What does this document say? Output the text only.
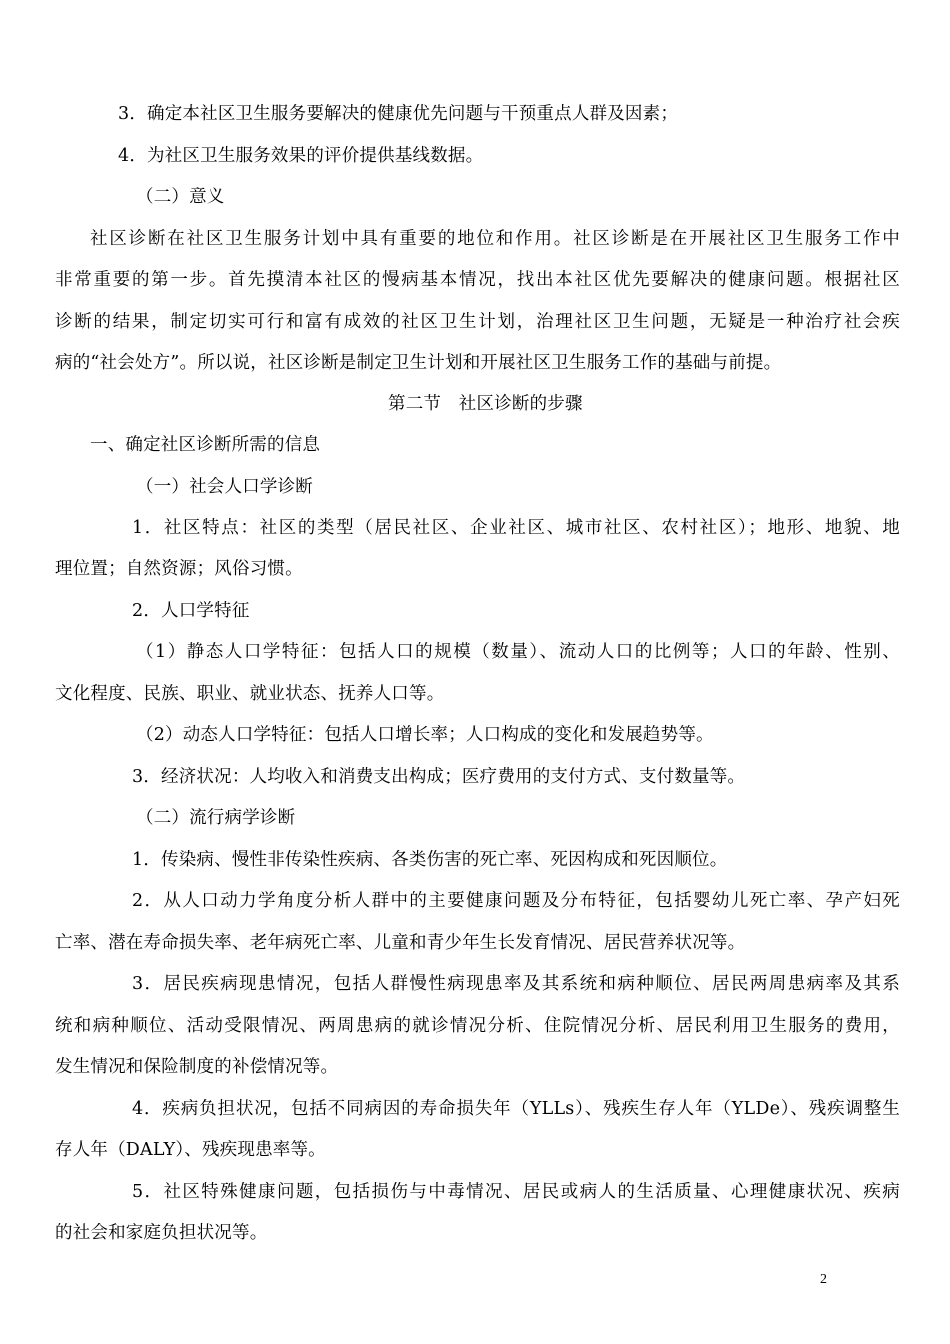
3．确定本社区卫生服务要解决的健康优先问题与干预重点人群及因素；
4．为社区卫生服务效果的评价提供基线数据。
（二）意义
社区诊断在社区卫生服务计划中具有重要的地位和作用。社区诊断是在开展社区卫生服务工作中
非常重要的第一步。首先摸清本社区的慢病基本情况，找出本社区优先要解决的健康问题。根据社区
诊断的结果，制定切实可行和富有成效的社区卫生计划，治理社区卫生问题，无疑是一种治疗社会疾
病的“社会处方”。所以说，社区诊断是制定卫生计划和开展社区卫生服务工作的基础与前提。
第二节　社区诊断的步骤
一、确定社区诊断所需的信息
（一）社会人口学诊断
1．社区特点：社区的类型（居民社区、企业社区、城市社区、农村社区）；地形、地貌、地
理位置；自然资源；风俗习惯。
2．人口学特征
（1）静态人口学特征：包括人口的规模（数量）、流动人口的比例等；人口的年龄、性别、
文化程度、民族、职业、就业状态、抚养人口等。
（2）动态人口学特征：包括人口增长率；人口构成的变化和发展趋势等。
3．经济状况：人均收入和消费支出构成；医疗费用的支付方式、支付数量等。
（二）流行病学诊断
1．传染病、慢性非传染性疾病、各类伤害的死亡率、死因构成和死因顺位。
2．从人口动力学角度分析人群中的主要健康问题及分布特征，包括婴幼儿死亡率、孕产妇死
亡率、潜在寿命损失率、老年病死亡率、儿童和青少年生长发育情况、居民营养状况等。
3．居民疾病现患情况，包括人群慢性病现患率及其系统和病种顺位、居民两周患病率及其系
统和病种顺位、活动受限情况、两周患病的就诊情况分析、住院情况分析、居民利用卫生服务的费用，
发生情况和保险制度的补偿情况等。
4．疾病负担状况，包括不同病因的寿命损失年（YLLs）、残疾生存人年（YLDe）、残疾调整生
存人年（DALY）、残疾现患率等。
5．社区特殊健康问题，包括损伤与中毒情况、居民或病人的生活质量、心理健康状况、疾病
的社会和家庭负担状况等。
2
